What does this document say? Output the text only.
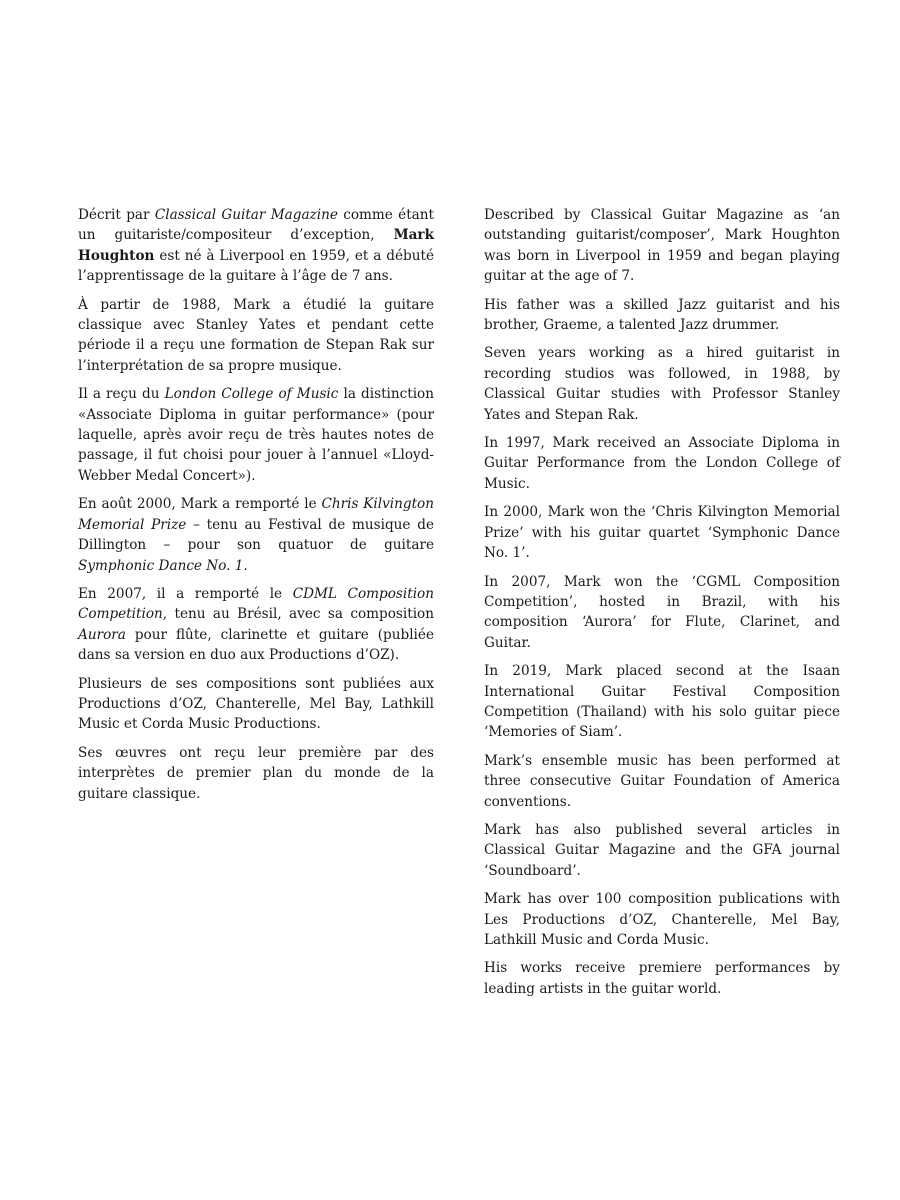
Décrit par Classical Guitar Magazine comme étant un guitariste/compositeur d’exception, Mark Houghton est né à Liverpool en 1959, et a débuté l’apprentissage de la guitare à l’âge de 7 ans.

À partir de 1988, Mark a étudié la guitare classique avec Stanley Yates et pendant cette période il a reçu une formation de Stepan Rak sur l’interprétation de sa propre musique.

Il a reçu du London College of Music la distinction «Associate Diploma in guitar performance» (pour laquelle, après avoir reçu de très hautes notes de passage, il fut choisi pour jouer à l’annuel «Lloyd-Webber Medal Concert»).

En août 2000, Mark a remporté le Chris Kilvington Memorial Prize – tenu au Festival de musique de Dillington – pour son quatuor de guitare Symphonic Dance No. 1.

En 2007, il a remporté le CDML Composition Competition, tenu au Brésil, avec sa composition Aurora pour flûte, clarinette et guitare (publiée dans sa version en duo aux Productions d’OZ).

Plusieurs de ses compositions sont publiées aux Productions d’OZ, Chanterelle, Mel Bay, Lathkill Music et Corda Music Productions.

Ses œuvres ont reçu leur première par des interprètes de premier plan du monde de la guitare classique.

Described by Classical Guitar Magazine as ‘an outstanding guitarist/composer’, Mark Houghton was born in Liverpool in 1959 and began playing guitar at the age of 7.

His father was a skilled Jazz guitarist and his brother, Graeme, a talented Jazz drummer.

Seven years working as a hired guitarist in recording studios was followed, in 1988, by Classical Guitar studies with Professor Stanley Yates and Stepan Rak.

In 1997, Mark received an Associate Diploma in Guitar Performance from the London College of Music.

In 2000, Mark won the ‘Chris Kilvington Memorial Prize’ with his guitar quartet ‘Symphonic Dance No. 1’.

In 2007, Mark won the ‘CGML Composition Competition’, hosted in Brazil, with his composition ‘Aurora’ for Flute, Clarinet, and Guitar.

In 2019, Mark placed second at the Isaan International Guitar Festival Composition Competition (Thailand) with his solo guitar piece ‘Memories of Siam’.

Mark’s ensemble music has been performed at three consecutive Guitar Foundation of America conventions.

Mark has also published several articles in Classical Guitar Magazine and the GFA journal ‘Soundboard’.

Mark has over 100 composition publications with Les Productions d’OZ, Chanterelle, Mel Bay, Lathkill Music and Corda Music.

His works receive premiere performances by leading artists in the guitar world.
